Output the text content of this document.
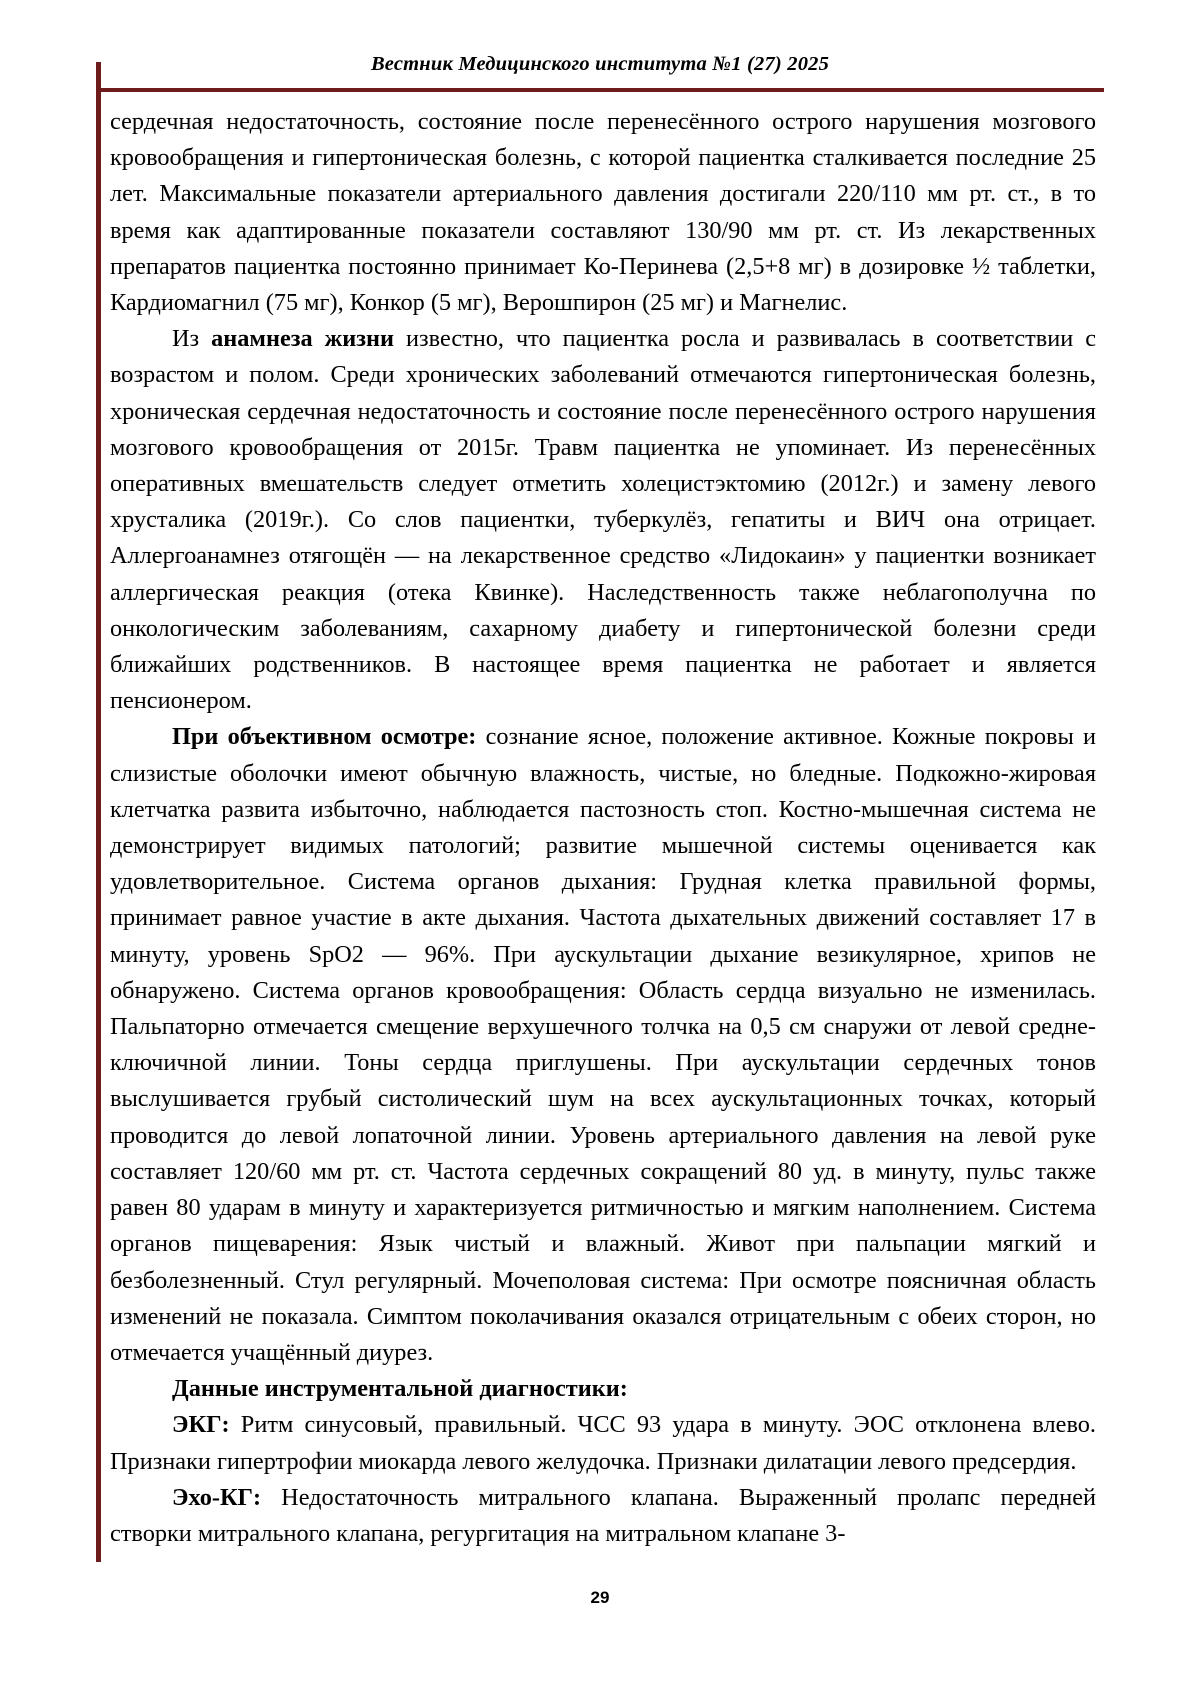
Вестник Медицинского института №1 (27) 2025

сердечная недостаточность, состояние после перенесённого острого нарушения мозгового кровообращения и гипертоническая болезнь, с которой пациентка сталкивается последние 25 лет. Максимальные показатели артериального давления достигали 220/110 мм рт. ст., в то время как адаптированные показатели составляют 130/90 мм рт. ст. Из лекарственных препаратов пациентка постоянно принимает Ко-Перинева (2,5+8 мг) в дозировке ½ таблетки, Кардиомагнил (75 мг), Конкор (5 мг), Верошпирон (25 мг) и Магнелис.

Из анамнеза жизни известно, что пациентка росла и развивалась в соответствии с возрастом и полом. Среди хронических заболеваний отмечаются гипертоническая болезнь, хроническая сердечная недостаточность и состояние после перенесённого острого нарушения мозгового кровообращения от 2015г. Травм пациентка не упоминает. Из перенесённых оперативных вмешательств следует отметить холецистэктомию (2012г.) и замену левого хрусталика (2019г.). Со слов пациентки, туберкулёз, гепатиты и ВИЧ она отрицает. Аллергоанамнез отягощён — на лекарственное средство «Лидокаин» у пациентки возникает аллергическая реакция (отека Квинке). Наследственность также неблагополучна по онкологическим заболеваниям, сахарному диабету и гипертонической болезни среди ближайших родственников. В настоящее время пациентка не работает и является пенсионером.

При объективном осмотре: сознание ясное, положение активное. Кожные покровы и слизистые оболочки имеют обычную влажность, чистые, но бледные. Подкожно-жировая клетчатка развита избыточно, наблюдается пастозность стоп. Костно-мышечная система не демонстрирует видимых патологий; развитие мышечной системы оценивается как удовлетворительное. Система органов дыхания: Грудная клетка правильной формы, принимает равное участие в акте дыхания. Частота дыхательных движений составляет 17 в минуту, уровень SpO2 — 96%. При аускультации дыхание везикулярное, хрипов не обнаружено. Система органов кровообращения: Область сердца визуально не изменилась. Пальпаторно отмечается смещение верхушечного толчка на 0,5 см снаружи от левой средне-ключичной линии. Тоны сердца приглушены. При аускультации сердечных тонов выслушивается грубый систолический шум на всех аускультационных точках, который проводится до левой лопаточной линии. Уровень артериального давления на левой руке составляет 120/60 мм рт. ст. Частота сердечных сокращений 80 уд. в минуту, пульс также равен 80 ударам в минуту и характеризуется ритмичностью и мягким наполнением. Система органов пищеварения: Язык чистый и влажный. Живот при пальпации мягкий и безболезненный. Стул регулярный. Мочеполовая система: При осмотре поясничная область изменений не показала. Симптом поколачивания оказался отрицательным с обеих сторон, но отмечается учащённый диурез.

Данные инструментальной диагностики:

ЭКГ: Ритм синусовый, правильный. ЧСС 93 удара в минуту. ЭОС отклонена влево. Признаки гипертрофии миокарда левого желудочка. Признаки дилатации левого предсердия.

Эхо-КГ: Недостаточность митрального клапана. Выраженный пролапс передней створки митрального клапана, регургитация на митральном клапане 3-

29
